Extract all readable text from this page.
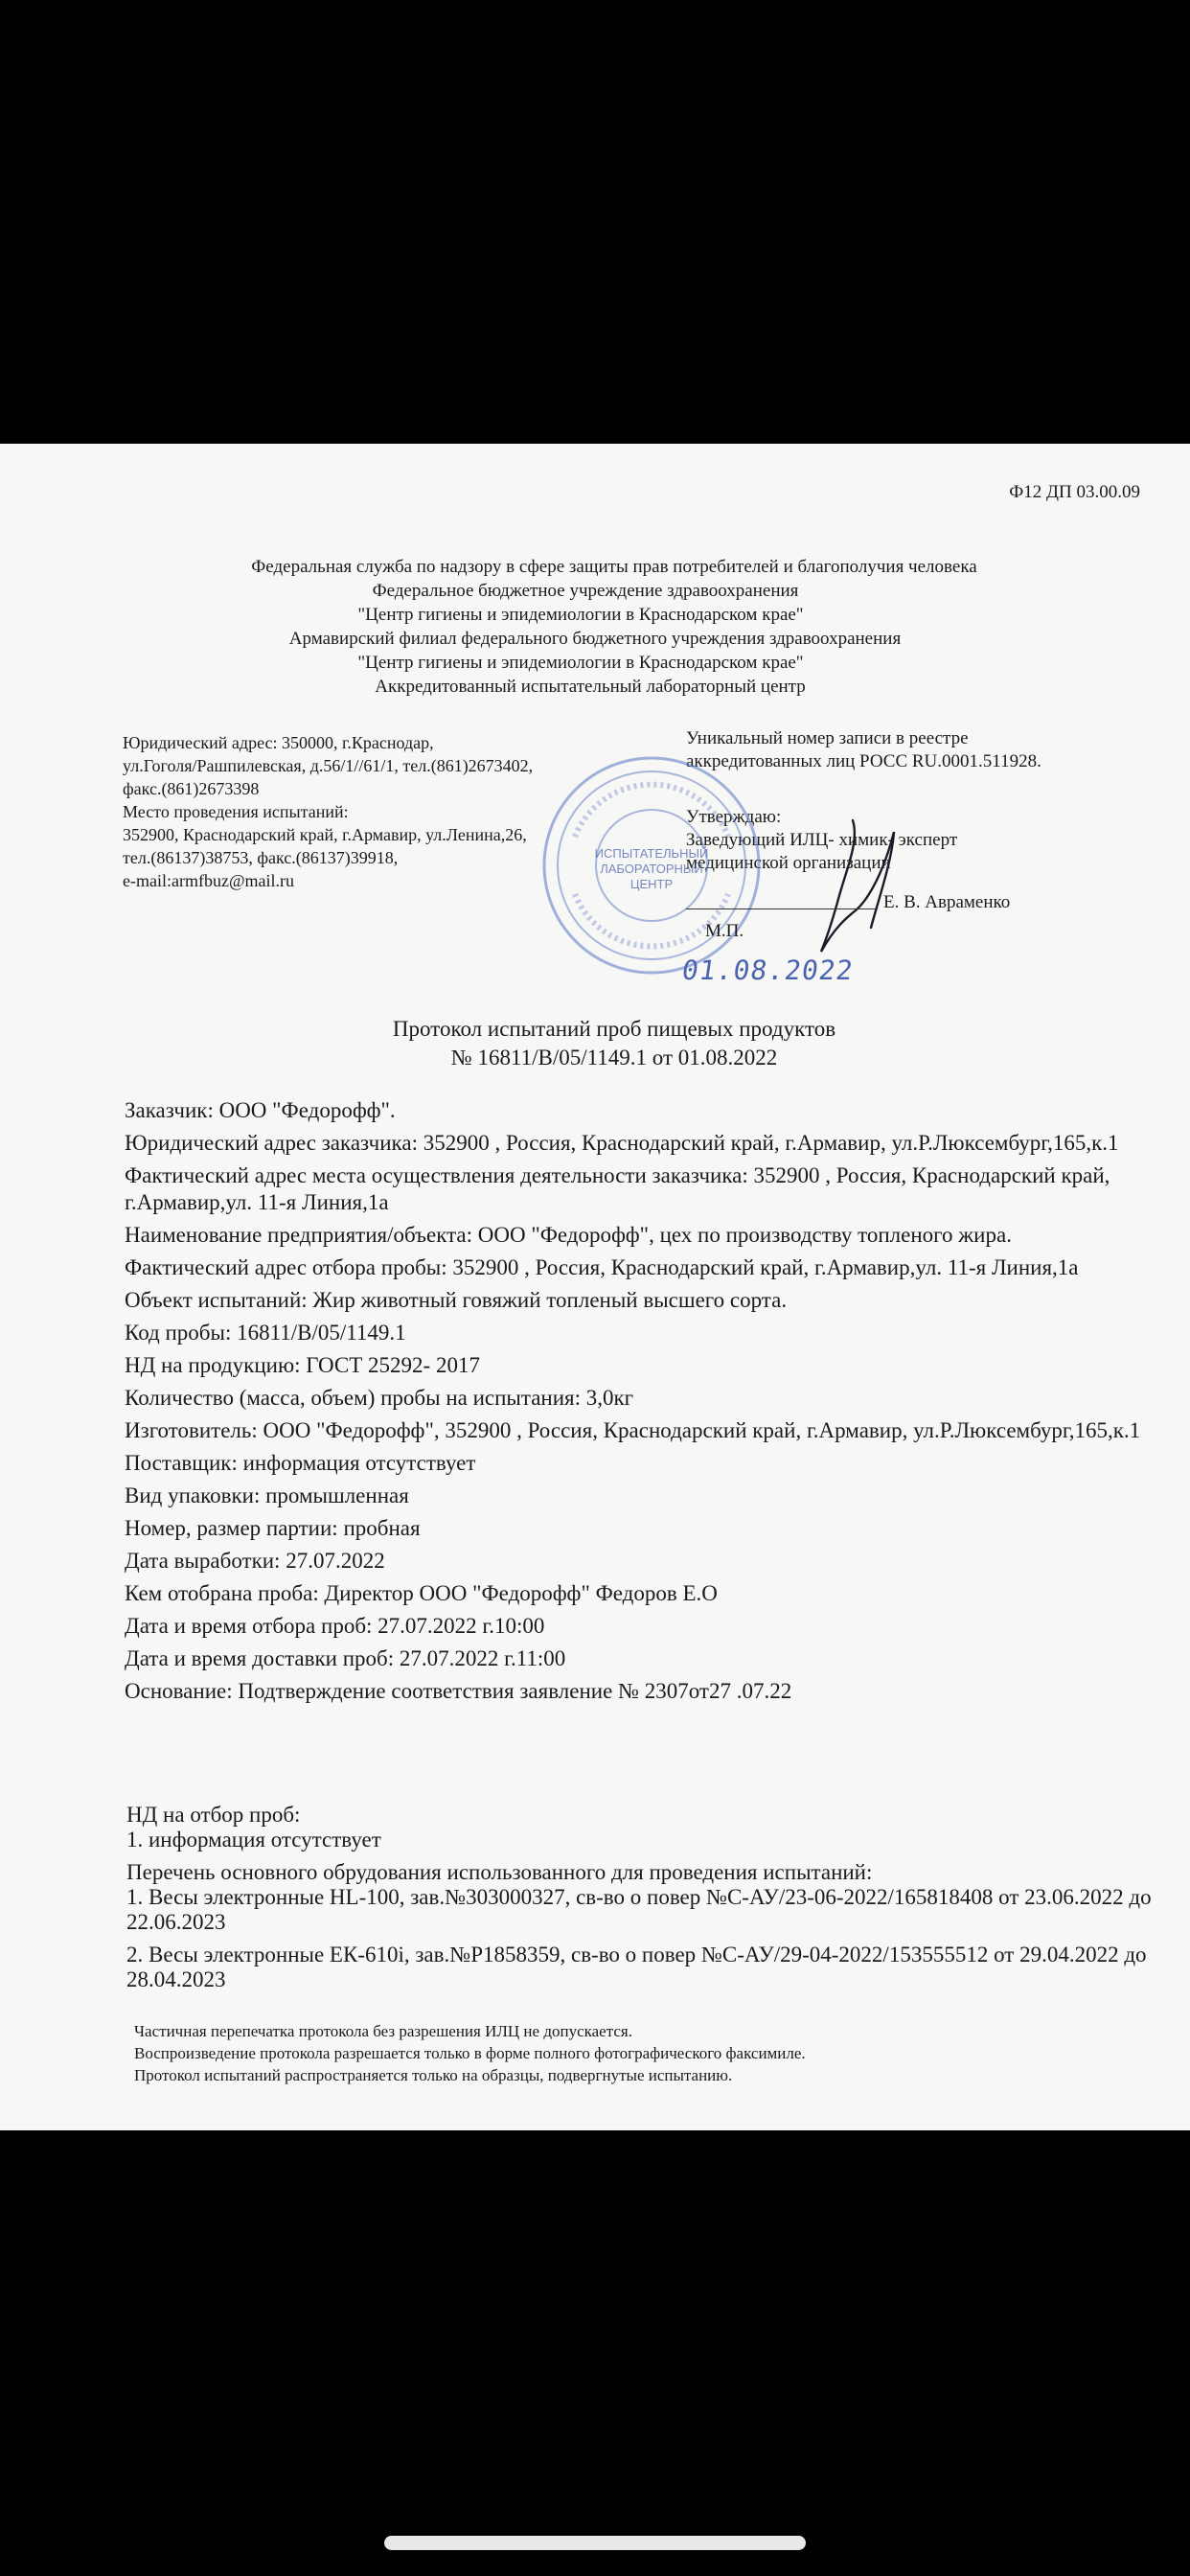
Ф12 ДП 03.00.09
Федеральная служба по надзору в сфере защиты прав потребителей и благополучия человека
Федеральное бюджетное учреждение здравоохранения
"Центр гигиены и эпидемиологии в Краснодарском крае"
Армавирский филиал федерального бюджетного учреждения здравоохранения
"Центр гигиены и эпидемиологии в Краснодарском крае"
Аккредитованный испытательный лабораторный центр
Юридический адрес: 350000, г.Краснодар,
ул.Гоголя/Рашпилевская, д.56/1//61/1, тел.(861)2673402,
факс.(861)2673398
Место проведения испытаний:
352900, Краснодарский край, г.Армавир, ул.Ленина,26,
тел.(86137)38753, факс.(86137)39918,
e-mail:armfbuz@mail.ru
Уникальный номер записи в реестре
аккредитованных лиц РОСС RU.0001.511928.
Утверждаю:
Заведующий ИЛЦ- химик- эксперт
медицинской организации
ИСПЫТАТЕЛЬНЫЙ
ЛАБОРАТОРНЫЙ
ЦЕНТР
Е. В. Авраменко
М.П.
01.08.2022
Протокол испытаний проб пищевых продуктов
№ 16811/В/05/1149.1 от 01.08.2022
Заказчик: ООО "Федорофф".
Юридический адрес заказчика: 352900 , Россия, Краснодарский край, г.Армавир, ул.Р.Люксембург,165,к.1
Фактический адрес места осуществления деятельности заказчика: 352900 , Россия, Краснодарский край, г.Армавир,ул. 11-я Линия,1а
Наименование предприятия/объекта: ООО "Федорофф", цех по производству топленого жира.
Фактический адрес отбора пробы: 352900 , Россия, Краснодарский край, г.Армавир,ул. 11-я Линия,1а
Объект испытаний: Жир животный говяжий топленый высшего сорта.
Код пробы: 16811/В/05/1149.1
НД на продукцию: ГОСТ 25292- 2017
Количество (масса, объем) пробы на испытания: 3,0кг
Изготовитель: ООО "Федорофф", 352900 , Россия, Краснодарский край, г.Армавир, ул.Р.Люксембург,165,к.1
Поставщик: информация отсутствует
Вид упаковки: промышленная
Номер, размер партии: пробная
Дата выработки: 27.07.2022
Кем отобрана проба: Директор ООО "Федорофф" Федоров Е.О
Дата и время отбора проб: 27.07.2022 г.10:00
Дата и время доставки проб: 27.07.2022 г.11:00
Основание: Подтверждение соответствия заявление № 2307от27 .07.22
НД на отбор проб:
1. информация отсутствует
Перечень основного обрудования использованного для проведения испытаний:
1. Весы электронные HL-100, зав.№303000327, св-во о повер №С-АУ/23-06-2022/165818408 от 23.06.2022 до 22.06.2023
2. Весы электронные ЕК-610i, зав.№Р1858359, св-во о повер №С-АУ/29-04-2022/153555512 от 29.04.2022 до 28.04.2023
Частичная перепечатка протокола без разрешения ИЛЦ не допускается.
Воспроизведение протокола разрешается только в форме полного фотографического факсимиле.
Протокол испытаний распространяется только на образцы, подвергнутые испытанию.
